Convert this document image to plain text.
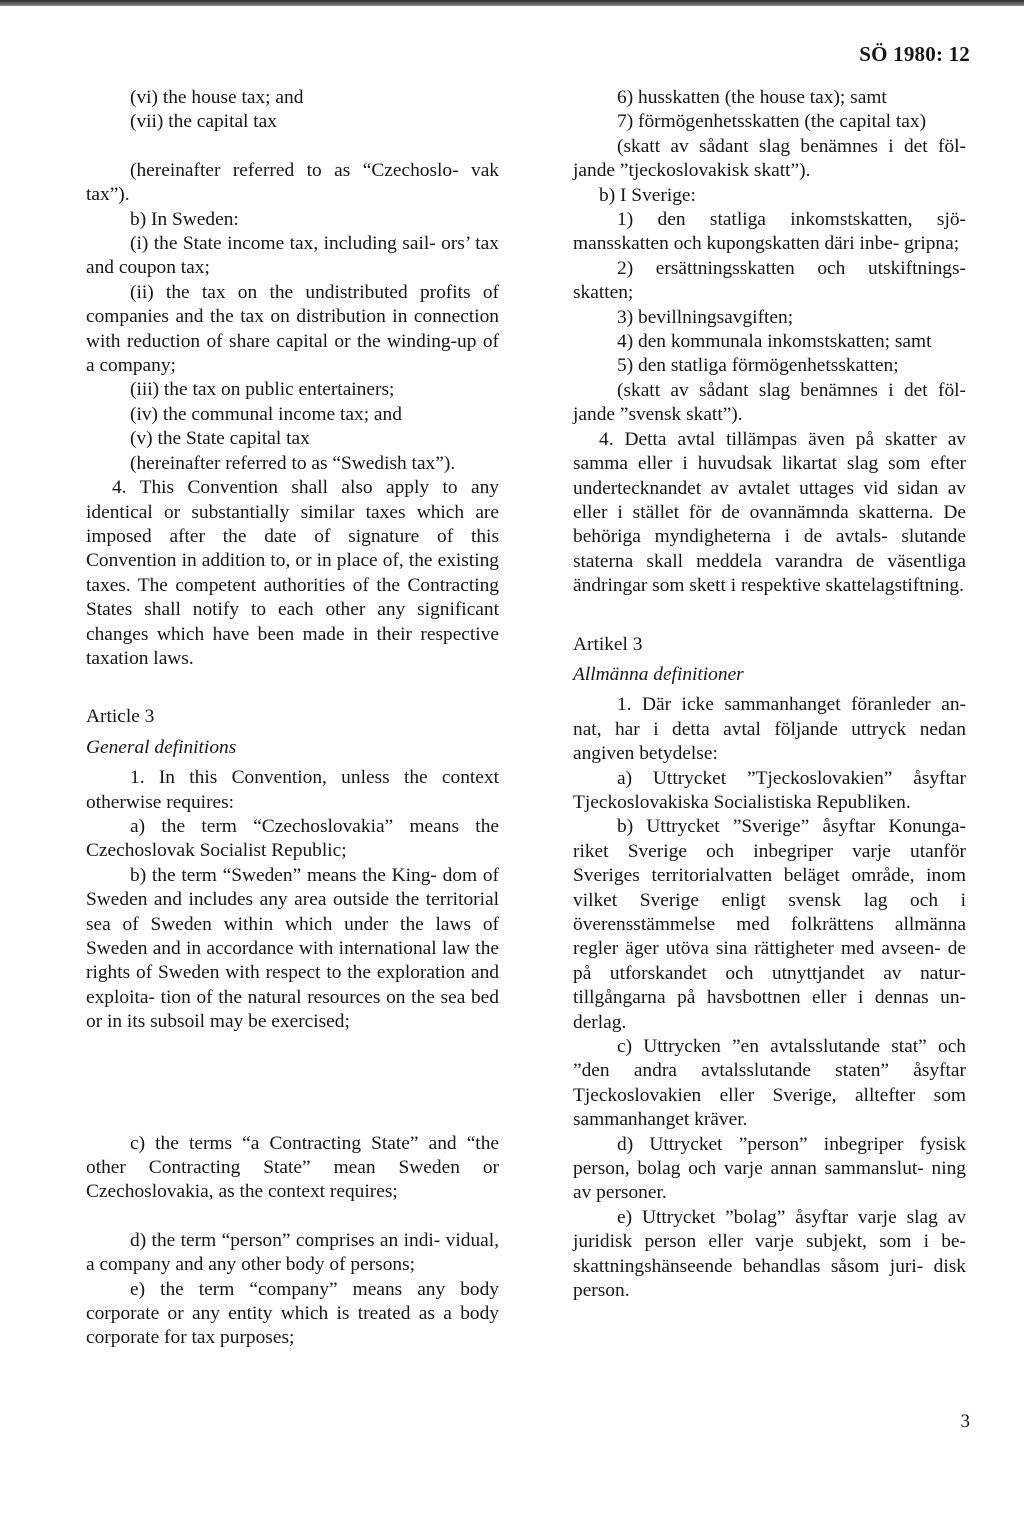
SÖ 1980: 12

(vi) the house tax; and

(vii) the capital tax

(hereinafter referred to as “Czechoslo- vak tax”).

b) In Sweden:

(i) the State income tax, including sail- ors’ tax and coupon tax;

(ii) the tax on the undistributed profits of companies and the tax on distribution in connection with reduction of share capital or the winding-up of a company;

(iii) the tax on public entertainers;

(iv) the communal income tax; and

(v) the State capital tax

(hereinafter referred to as “Swedish tax”).

4. This Convention shall also apply to any identical or substantially similar taxes which are imposed after the date of signature of this Convention in addition to, or in place of, the existing taxes. The competent authorities of the Contracting States shall notify to each other any significant changes which have been made in their respective taxation laws.

Article 3
General definitions

1. In this Convention, unless the context otherwise requires:

a) the term “Czechoslovakia” means the Czechoslovak Socialist Republic;

b) the term “Sweden” means the King- dom of Sweden and includes any area outside the territorial sea of Sweden within which under the laws of Sweden and in accordance with international law the rights of Sweden with respect to the exploration and exploita- tion of the natural resources on the sea bed or in its subsoil may be exercised;

c) the terms “a Contracting State” and “the other Contracting State” mean Sweden or Czechoslovakia, as the context requires;

d) the term “person” comprises an indi- vidual, a company and any other body of persons;

e) the term “company” means any body corporate or any entity which is treated as a body corporate for tax purposes;

6) husskatten (the house tax); samt

7) förmögenhetsskatten (the capital tax)

(skatt av sådant slag benämnes i det föl- jande ”tjeckoslovakisk skatt”).

b) I Sverige:

1) den statliga inkomstskatten, sjö- mansskatten och kupongskatten däri inbe- gripna;

2) ersättningsskatten och utskiftnings- skatten;

3) bevillningsavgiften;

4) den kommunala inkomstskatten; samt

5) den statliga förmögenhetsskatten;

(skatt av sådant slag benämnes i det föl- jande ”svensk skatt”).

4. Detta avtal tillämpas även på skatter av samma eller i huvudsak likartat slag som efter undertecknandet av avtalet uttages vid sidan av eller i stället för de ovannämnda skatterna. De behöriga myndigheterna i de avtals- slutande staterna skall meddela varandra de väsentliga ändringar som skett i respektive skattelagstiftning.

Artikel 3
Allmänna definitioner

1. Där icke sammanhanget föranleder an- nat, har i detta avtal följande uttryck nedan angiven betydelse:

a) Uttrycket ”Tjeckoslovakien” åsyftar Tjeckoslovakiska Socialistiska Republiken.

b) Uttrycket ”Sverige” åsyftar Konunga- riket Sverige och inbegriper varje utanför Sveriges territorialvatten beläget område, inom vilket Sverige enligt svensk lag och i överensstämmelse med folkrättens allmänna regler äger utöva sina rättigheter med avseen- de på utforskandet och utnyttjandet av natur- tillgångarna på havsbottnen eller i dennas un- derlag.

c) Uttrycken ”en avtalsslutande stat” och ”den andra avtalsslutande staten” åsyftar Tjeckoslovakien eller Sverige, alltefter som sammanhanget kräver.

d) Uttrycket ”person” inbegriper fysisk person, bolag och varje annan sammanslut- ning av personer.

e) Uttrycket ”bolag” åsyftar varje slag av juridisk person eller varje subjekt, som i be- skattningshänseende behandlas såsom juri- disk person.

3
